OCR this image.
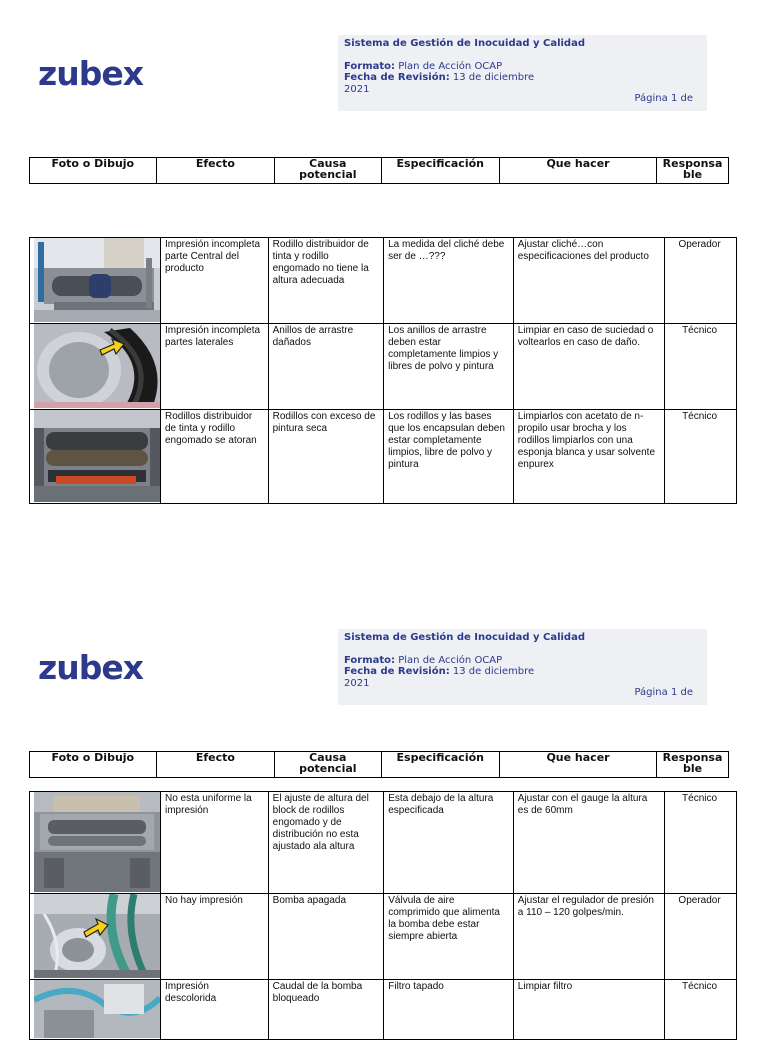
zubex
Sistema de Gestión de Inocuidad y Calidad
Formato: Plan de Acción OCAP
Fecha de Revisión: 13 de diciembre
2021
Página 1 de
Foto o Dibujo	Efecto	Causa
potencial	Especificación	Que hacer	Responsa
ble
	Impresión incompleta parte Central del producto	Rodillo distribuidor de tinta y rodillo engomado no tiene la altura adecuada	La medida del cliché debe ser de …???	Ajustar cliché…con especificaciones del producto	Operador

	Impresión incompleta partes laterales	Anillos de arrastre dañados	Los anillos de arrastre deben estar completamente limpios y libres de polvo y pintura	Limpiar en caso de suciedad o voltearlos en caso de daño.	Técnico

	Rodillos distribuidor de tinta y rodillo engomado se atoran	Rodillos con exceso de pintura seca	Los rodillos y las bases que los encapsulan deben estar completamente limpios, libre de polvo y pintura	Limpiarlos con acetato de n-propilo usar brocha y los rodillos limpiarlos con una esponja blanca y usar solvente enpurex	Técnico
zubex
Sistema de Gestión de Inocuidad y Calidad
Formato: Plan de Acción OCAP
Fecha de Revisión: 13 de diciembre
2021
Página 1 de
Foto o Dibujo	Efecto	Causa
potencial	Especificación	Que hacer	Responsa
ble
	No esta uniforme la impresión	El ajuste de altura del block de rodillos engomado y de distribución no esta ajustado ala altura	Esta debajo de la altura especificada	Ajustar con el gauge la altura es de 60mm	Técnico

	No hay impresión	Bomba apagada	Válvula de aire comprimido que alimenta la bomba debe estar siempre abierta	Ajustar el regulador de presión a 110 – 120 golpes/min.	Operador

	Impresión descolorida	Caudal de la bomba bloqueado	Filtro tapado	Limpiar filtro	Técnico
